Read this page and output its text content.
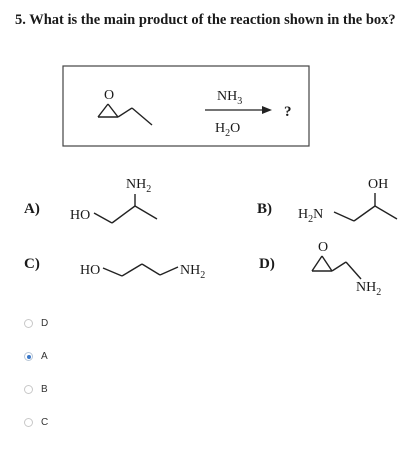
5. What is the main product of the reaction shown in the box?
O	$NH_3$
$H_2O$
?
A) HO
$NH_2$
B) $H_2N$
OH
C)	HO	$NH_2$
D)
O
$NH_2$
D
A
B
C
